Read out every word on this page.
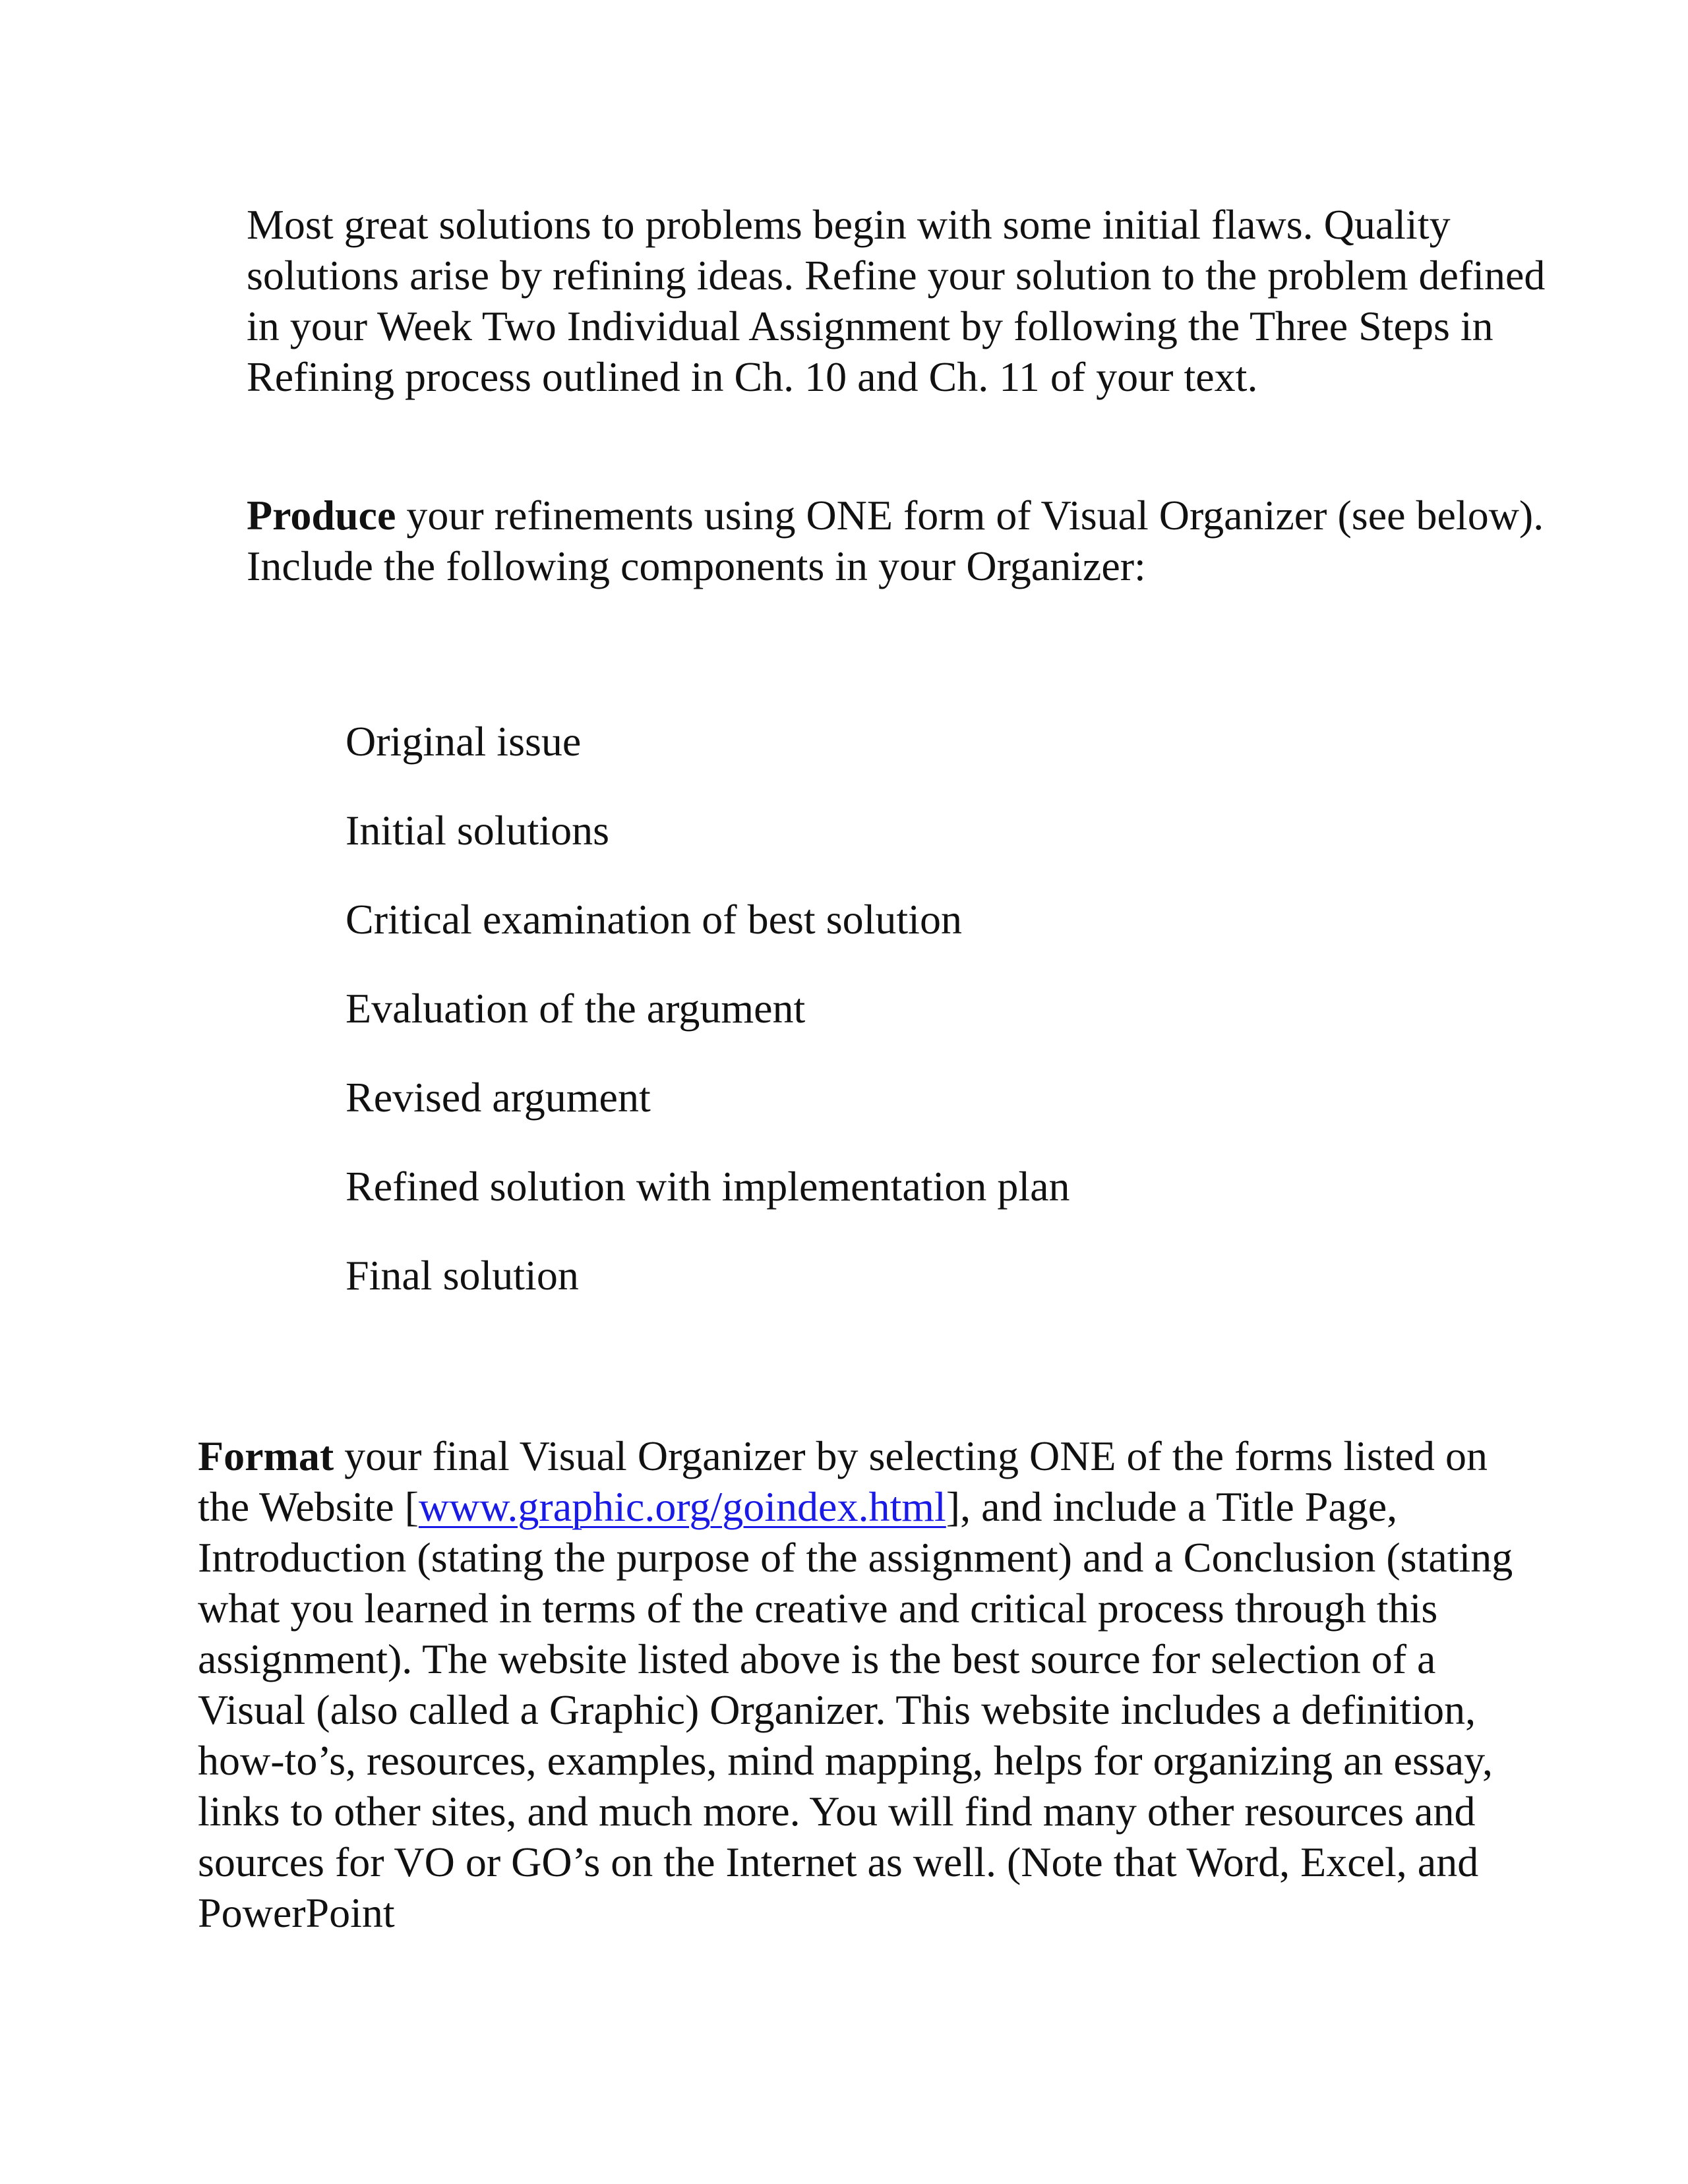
Most great solutions to problems begin with some initial flaws. Quality solutions arise by refining ideas. Refine your solution to the problem defined in your Week Two Individual Assignment by following the Three Steps in Refining process outlined in Ch. 10 and Ch. 11 of your text.

Produce your refinements using ONE form of Visual Organizer (see below). Include the following components in your Organizer:

Original issue
Initial solutions
Critical examination of best solution
Evaluation of the argument
Revised argument
Refined solution with implementation plan
Final solution

Format your final Visual Organizer by selecting ONE of the forms listed on the Website [www.graphic.org/goindex.html], and include a Title Page, Introduction (stating the purpose of the assignment) and a Conclusion (stating what you learned in terms of the creative and critical process through this assignment). The website listed above is the best source for selection of a Visual (also called a Graphic) Organizer. This website includes a definition, how-to’s, resources, examples, mind mapping, helps for organizing an essay, links to other sites, and much more. You will find many other resources and sources for VO or GO’s on the Internet as well. (Note that Word, Excel, and PowerPoint
